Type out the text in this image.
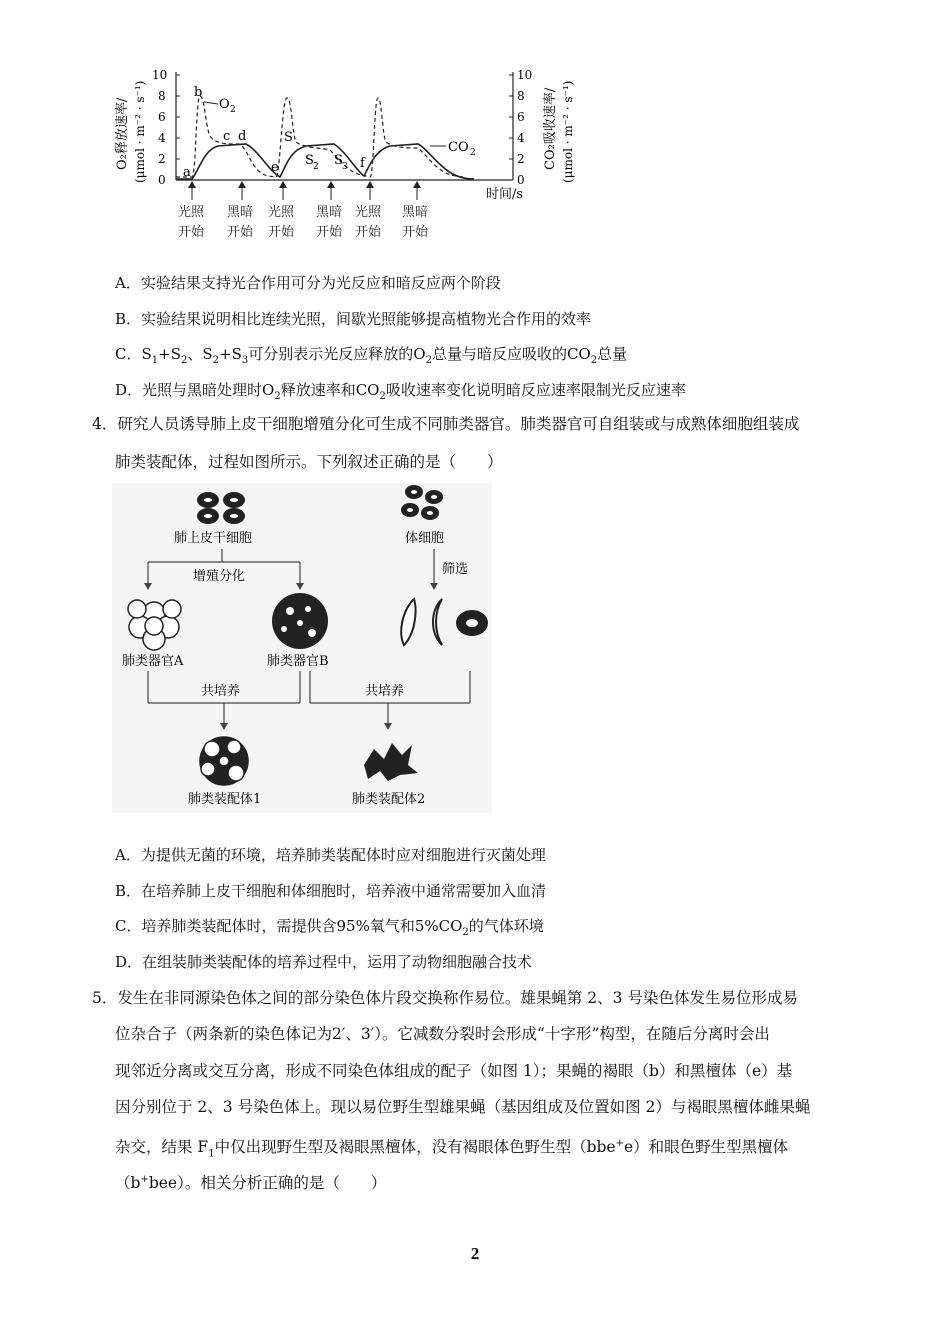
O₂释放速率/ (μmol · m⁻² · s⁻¹)	CO₂吸收速率/ (μmol · m⁻² · s⁻¹)
0
2
4
6
8
10
0
2
4
6
8
10
a
b
c d
e	f
S
S 2 S 3
O 2
CO 2
时间/s
光照
开始
黑暗
开始
光照
开始
黑暗
开始
光照
开始
黑暗
开始
A．实验结果支持光合作用可分为光反应和暗反应两个阶段
B．实验结果说明相比连续光照，间歇光照能够提高植物光合作用的效率
C．$S_1+S_2$、$S_2+S_3$可分别表示光反应释放的$O_2$总量与暗反应吸收的$CO_2$总量
D．光照与黑暗处理时$O_2$释放速率和$CO_2$吸收速率变化说明暗反应速率限制光反应速率
4．研究人员诱导肺上皮干细胞增殖分化可生成不同肺类器官。肺类器官可自组装或与成熟体细胞组装成
肺类装配体，过程如图所示。下列叙述正确的是（　　）
肺上皮干细胞	体细胞
增殖分化	筛选
肺类器官A	肺类器官B
共培养	共培养
肺类装配体1	肺类装配体2
A．为提供无菌的环境，培养肺类装配体时应对细胞进行灭菌处理
B．在培养肺上皮干细胞和体细胞时，培养液中通常需要加入血清
C．培养肺类装配体时，需提供含95%氧气和$5\%CO_2$的气体环境
D．在组装肺类装配体的培养过程中，运用了动物细胞融合技术
5．发生在非同源染色体之间的部分染色体片段交换称作易位。雄果蝇第 2、3 号染色体发生易位形成易
位杂合子（两条新的染色体记为2′、3′）。它减数分裂时会形成“十字形”构型，在随后分离时会出
现邻近分离或交互分离，形成不同染色体组成的配子（如图 1）；果蝇的褐眼（b）和黑檀体（e）基
因分别位于 2、3 号染色体上。现以易位野生型雄果蝇（基因组成及位置如图 2）与褐眼黑檀体雌果蝇
杂交，结果 $F_1$中仅出现野生型及褐眼黑檀体，没有褐眼体色野生型（bbe+e）和眼色野生型黑檀体
（b+bee）。相关分析正确的是（　　）
2
